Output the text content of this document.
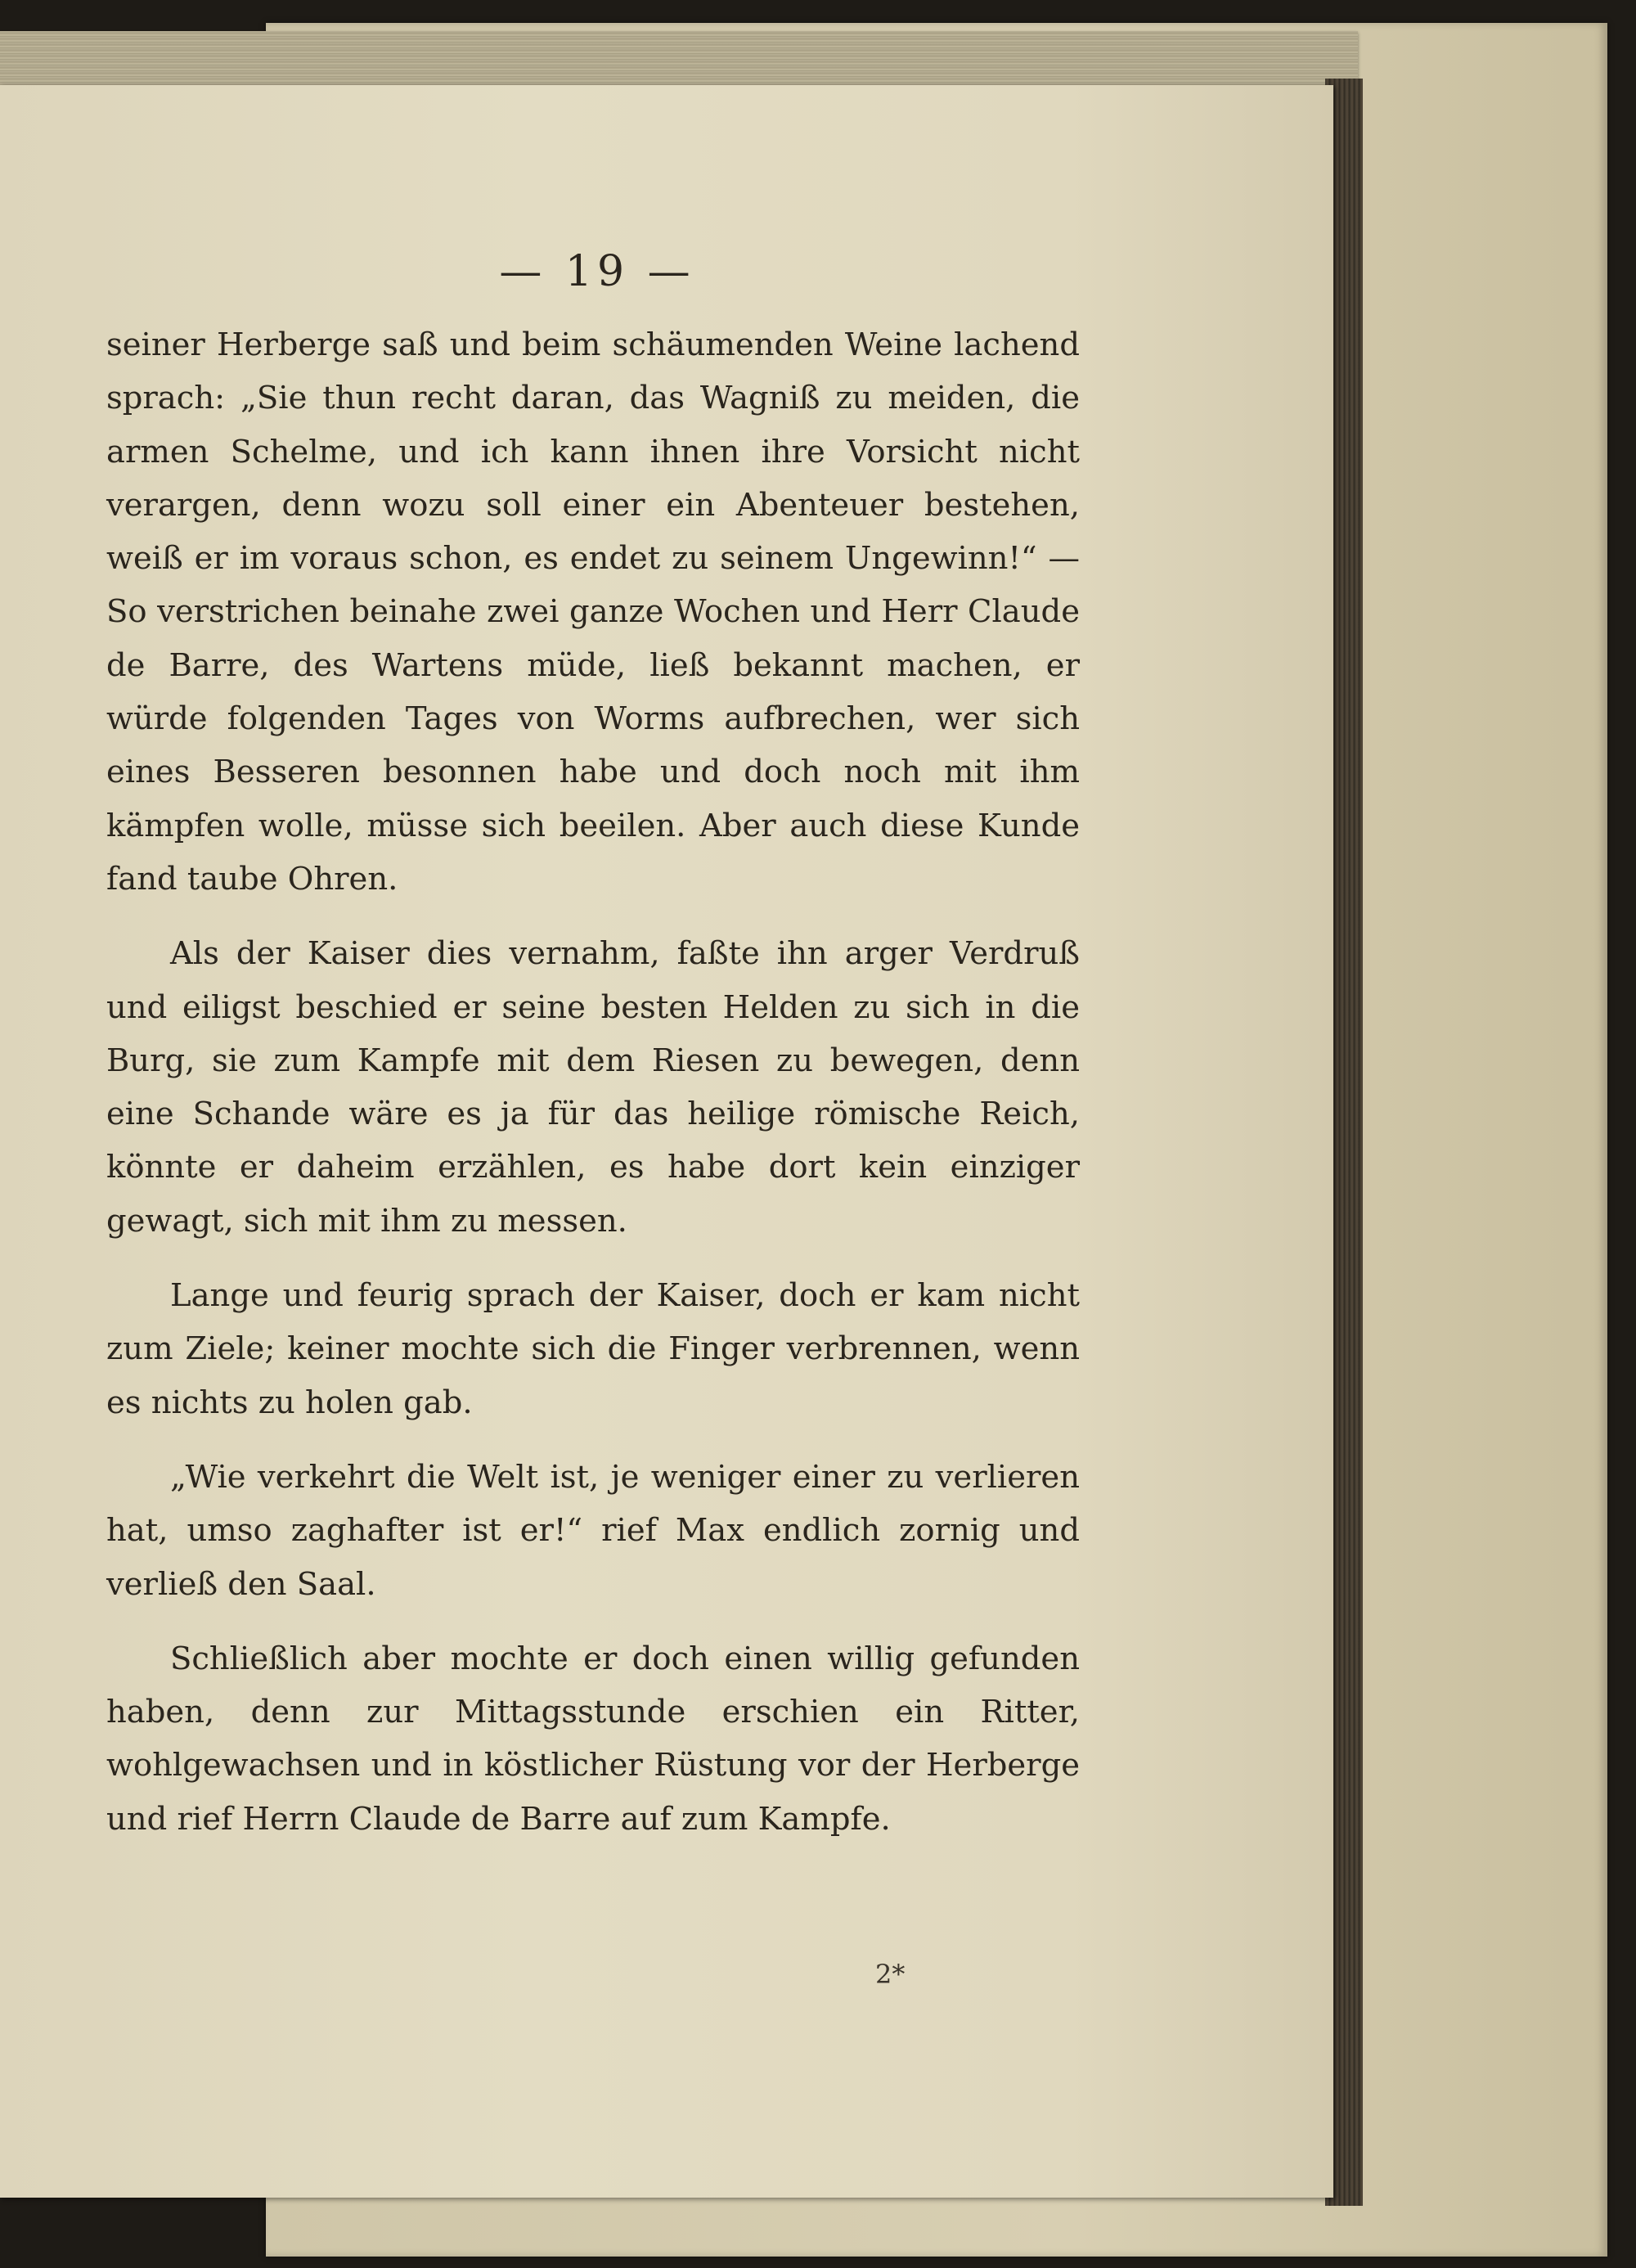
— 19 —

seiner Herberge saß und beim schäumenden Weine lachend sprach: „Sie thun recht daran, das Wagniß zu meiden, die armen Schelme, und ich kann ihnen ihre Vorsicht nicht verargen, denn wozu soll einer ein Abenteuer bestehen, weiß er im voraus schon, es endet zu seinem Ungewinn!“ — So verstrichen beinahe zwei ganze Wochen und Herr Claude de Barre, des Wartens müde, ließ bekannt machen, er würde folgenden Tages von Worms aufbrechen, wer sich eines Besseren besonnen habe und doch noch mit ihm kämpfen wolle, müsse sich beeilen. Aber auch diese Kunde fand taube Ohren.

Als der Kaiser dies vernahm, faßte ihn arger Verdruß und eiligst beschied er seine besten Helden zu sich in die Burg, sie zum Kampfe mit dem Riesen zu bewegen, denn eine Schande wäre es ja für das heilige römische Reich, könnte er daheim erzählen, es habe dort kein einziger gewagt, sich mit ihm zu messen.

Lange und feurig sprach der Kaiser, doch er kam nicht zum Ziele; keiner mochte sich die Finger verbrennen, wenn es nichts zu holen gab.

„Wie verkehrt die Welt ist, je weniger einer zu verlieren hat, umso zaghafter ist er!“ rief Max endlich zornig und verließ den Saal.

Schließlich aber mochte er doch einen willig gefunden haben, denn zur Mittagsstunde erschien ein Ritter, wohlgewachsen und in köstlicher Rüstung vor der Herberge und rief Herrn Claude de Barre auf zum Kampfe.

2*
